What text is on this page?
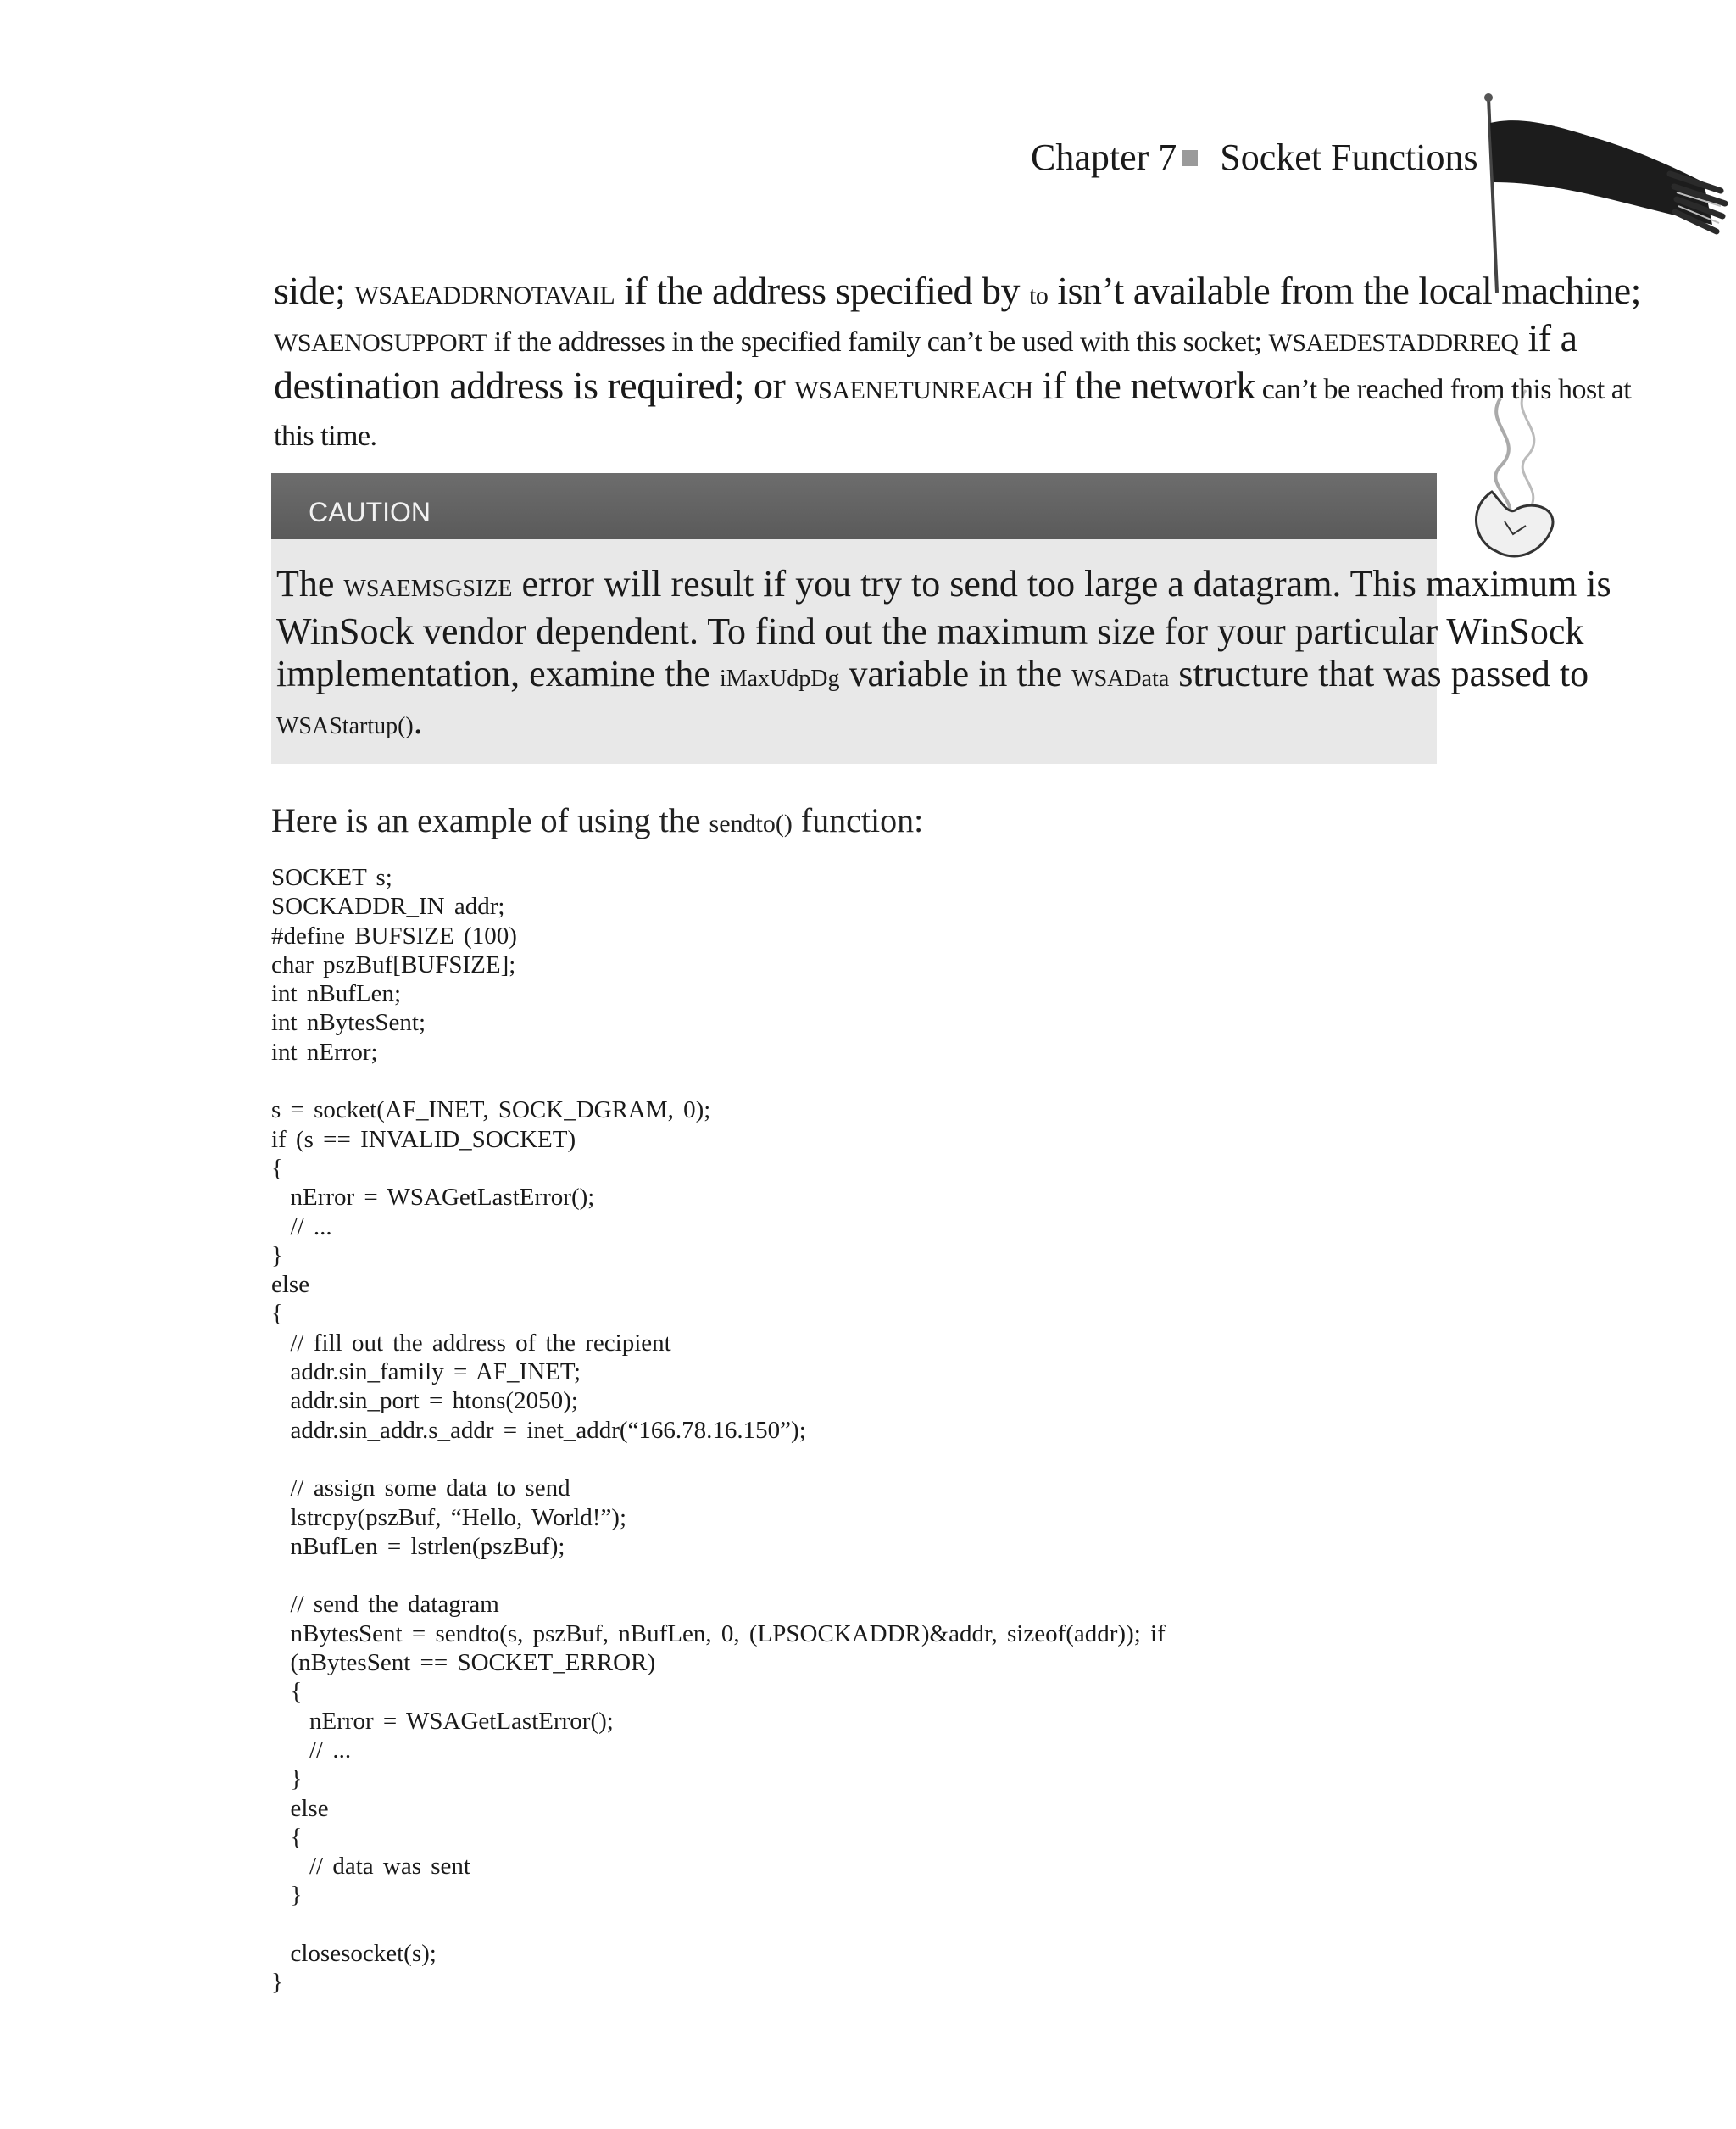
Chapter 7 Socket Functions
side; WSAEADDRNOTAVAIL if the address specified by to isn’t available from the local machine;
WSAENOSUPPORT if the addresses in the specified family can’t be used with this socket; WSAEDESTADDRREQ if a
destination address is required; or WSAENETUNREACH if the network can’t be reached from this host at this time.
CAUTION
The WSAEMSGSIZE error will result if you try to send too large a datagram. This maximum is WinSock vendor dependent. To find out the maximum size for your particular WinSock implementation, examine the iMaxUdpDg variable in the WSAData structure that was passed to WSAStartup().
Here is an example of using the sendto() function:
SOCKET s;
SOCKADDR_IN addr;
#define BUFSIZE (100)
char pszBuf[BUFSIZE];
int nBufLen;
int nBytesSent;
int nError;

s = socket(AF_INET, SOCK_DGRAM, 0);
if (s == INVALID_SOCKET)
{
nError = WSAGetLastError();
// ...
}
else
{
// fill out the address of the recipient
addr.sin_family = AF_INET;
addr.sin_port = htons(2050);
addr.sin_addr.s_addr = inet_addr(“166.78.16.150”);

// assign some data to send
lstrcpy(pszBuf, “Hello, World!”);
nBufLen = lstrlen(pszBuf);

// send the datagram
nBytesSent = sendto(s, pszBuf, nBufLen, 0, (LPSOCKADDR)&addr, sizeof(addr)); if
(nBytesSent == SOCKET_ERROR)
{
nError = WSAGetLastError();
// ...
}
else
{
// data was sent
}

closesocket(s);
}
